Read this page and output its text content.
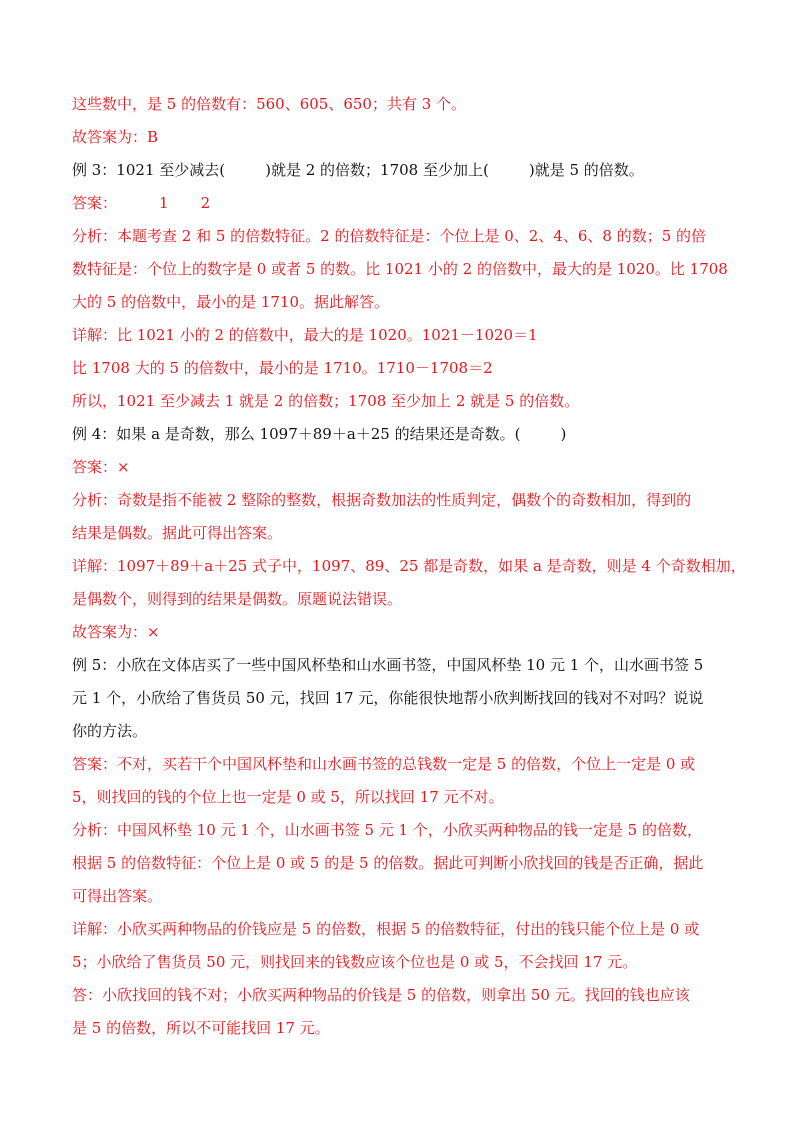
这些数中，是 5 的倍数有：560、605、650；共有 3 个。
故答案为：B
例 3：1021 至少减去(	)就是 2 的倍数；1708 至少加上(	)就是 5 的倍数。
答案：	1 2
分析：本题考查 2 和 5 的倍数特征。2 的倍数特征是：个位上是 0、2、4、6、8 的数；5 的倍
数特征是：个位上的数字是 0 或者 5 的数。比 1021 小的 2 的倍数中，最大的是 1020。比 1708
大的 5 的倍数中，最小的是 1710。据此解答。
详解：比 1021 小的 2 的倍数中，最大的是 1020。1021－1020＝1
比 1708 大的 5 的倍数中，最小的是 1710。1710－1708＝2
所以，1021 至少减去 1 就是 2 的倍数；1708 至少加上 2 就是 5 的倍数。
例 4：如果 a 是奇数，那么 1097＋89＋a＋25 的结果还是奇数。(	)
答案：×
分析：奇数是指不能被 2 整除的整数，根据奇数加法的性质判定，偶数个的奇数相加，得到的
结果是偶数。据此可得出答案。
详解：1097＋89＋a＋25 式子中，1097、89、25 都是奇数，如果 a 是奇数，则是 4 个奇数相加，
是偶数个，则得到的结果是偶数。原题说法错误。
故答案为：×
例 5：小欣在文体店买了一些中国风杯垫和山水画书签，中国风杯垫 10 元 1 个，山水画书签 5
元 1 个，小欣给了售货员 50 元，找回 17 元，你能很快地帮小欣判断找回的钱对不对吗？说说
你的方法。
答案：不对，买若干个中国风杯垫和山水画书签的总钱数一定是 5 的倍数，个位上一定是 0 或
5，则找回的钱的个位上也一定是 0 或 5，所以找回 17 元不对。
分析：中国风杯垫 10 元 1 个，山水画书签 5 元 1 个，小欣买两种物品的钱一定是 5 的倍数，
根据 5 的倍数特征：个位上是 0 或 5 的是 5 的倍数。据此可判断小欣找回的钱是否正确，据此
可得出答案。
详解：小欣买两种物品的价钱应是 5 的倍数，根据 5 的倍数特征，付出的钱只能个位上是 0 或
5；小欣给了售货员 50 元，则找回来的钱数应该个位也是 0 或 5，不会找回 17 元。
答：小欣找回的钱不对；小欣买两种物品的价钱是 5 的倍数，则拿出 50 元。找回的钱也应该
是 5 的倍数，所以不可能找回 17 元。
